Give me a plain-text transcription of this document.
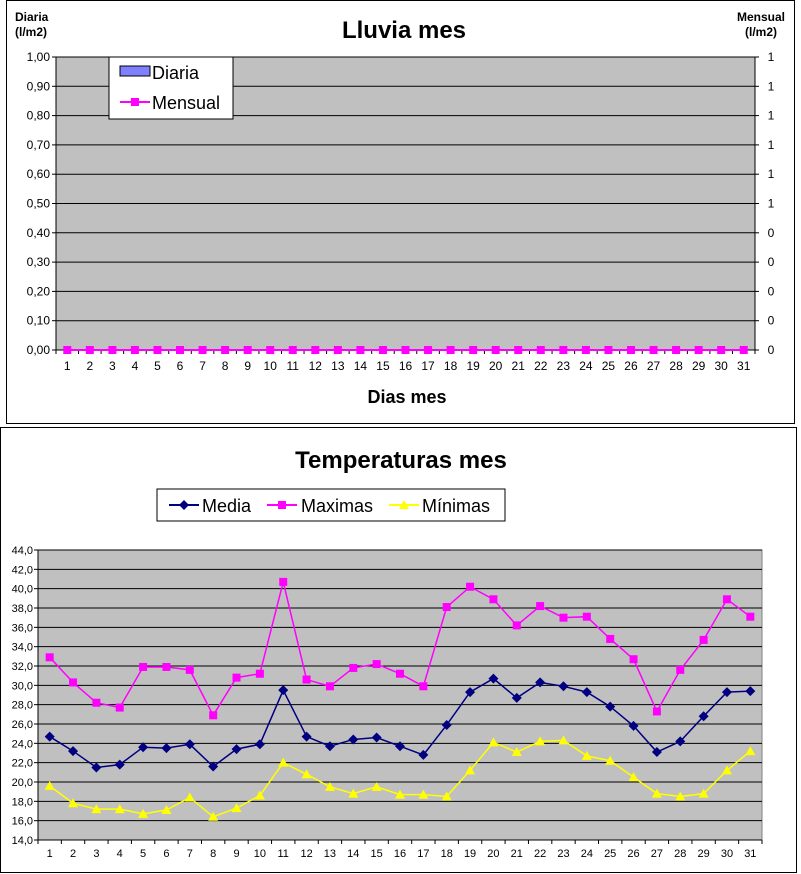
Lluvia mes
Diaria
(l/m2)
Mensual
(l/m2)
Dias mes
0,00	0
0,10	0
0,20	0
0,30	0
0,40	0
0,50	1
0,60	1
0,70	1
0,80	1
0,90	1
1,00	1
1 2 3 4 5 6 7 8 9 10 11 12 13 14 15 16 17 18 19 20 21 22 23 24 25 26 27 28 29 30 31
Diaria
Mensual
Temperaturas mes
14,0
16,0
18,0
20,0
22,0
24,0
26,0
28,0
30,0
32,0
34,0
36,0
38,0
40,0
42,0
44,0
1 2 3 4 5 6 7 8 9 10 11 12 13 14 15 16 17 18 19 20 21 22 23 24 25 26 27 28 29 30 31
Media	Maximas	Mínimas
